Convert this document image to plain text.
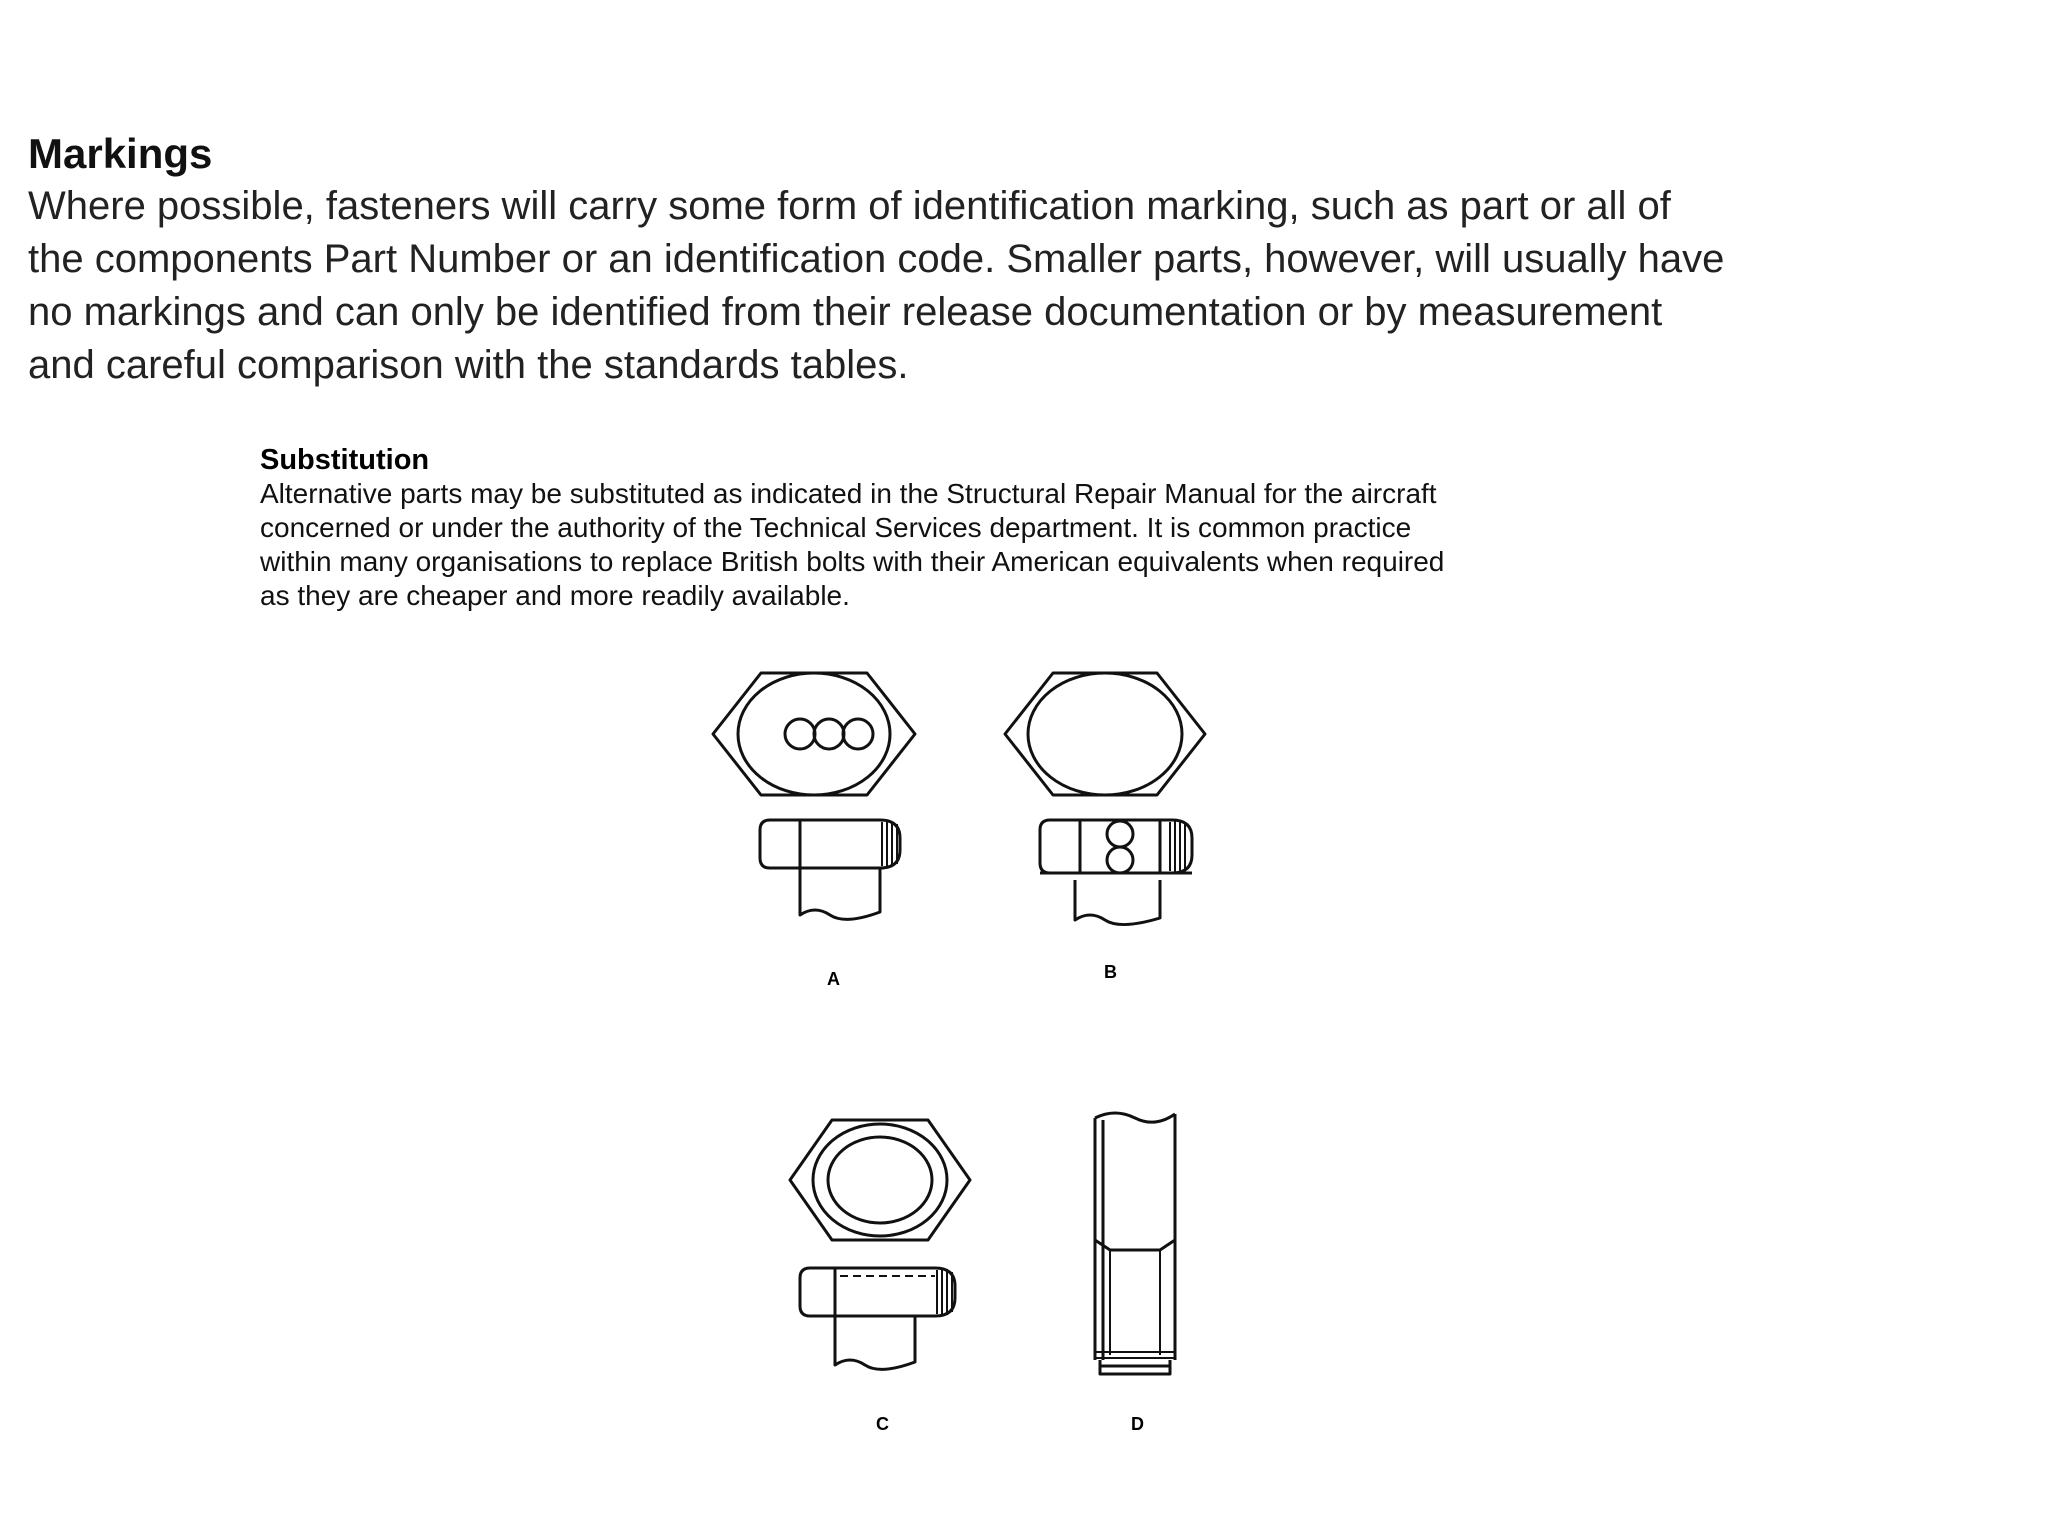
Markings

Where possible, fasteners will carry some form of identification marking, such as part or all of

the components Part Number or an identification code. Smaller parts, however, will usually have

no markings and can only be identified from their release documentation or by measurement

and careful comparison with the standards tables.

Substitution

Alternative parts may be substituted as indicated in the Structural Repair Manual for the aircraft

concerned or under the authority of the Technical Services department. It is common practice

within many organisations to replace British bolts with their American equivalents when required

as they are cheaper and more readily available.

A	B
C	D
